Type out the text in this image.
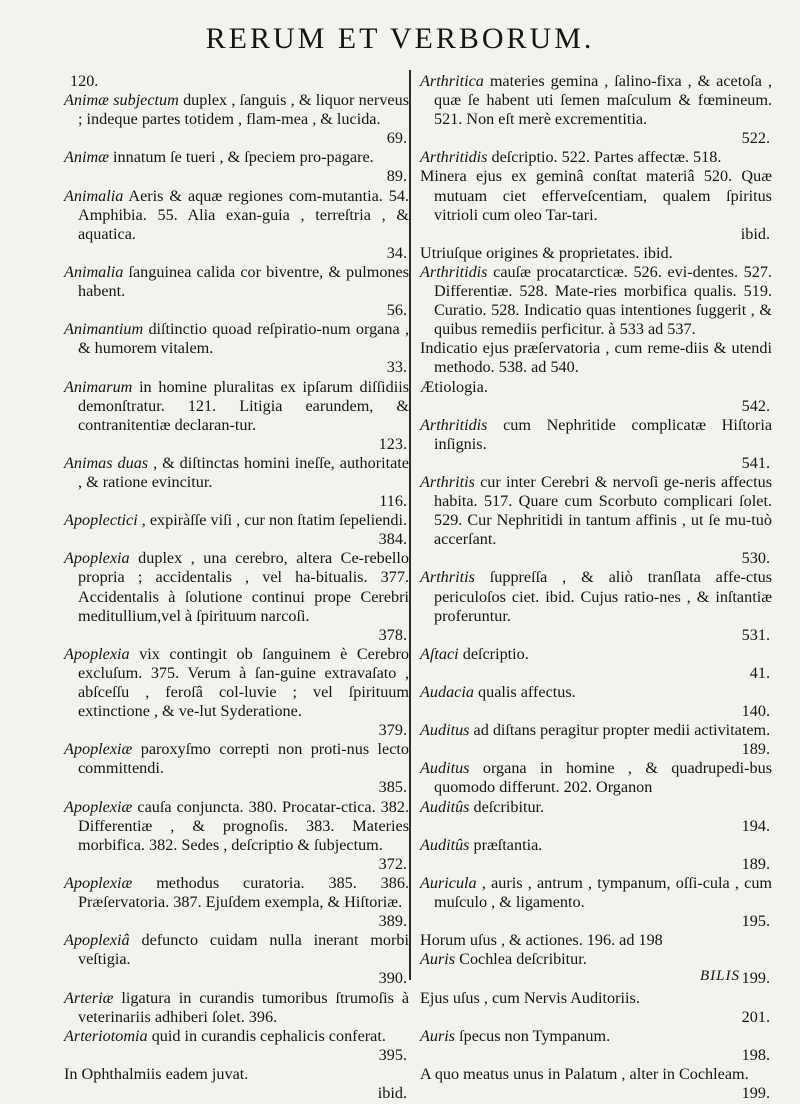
RERUM ET VERBORUM.
120.

Animæ subjectum duplex , ſanguis , & liquor nerveus ; indeque partes totidem , flam-mea , & lucida.
69.

Animæ innatum ſe tueri , & ſpeciem pro-pagare.
89.

Animalia Aeris & aquæ regiones com-mutantia. 54. Amphibia. 55. Alia exan-guia , terreſtria , & aquatica.
34.

Animalia ſanguinea calida cor biventre, & pulmones habent.
56.

Animantium diſtinctio quoad reſpiratio-num organa , & humorem vitalem.
33.

Animarum in homine pluralitas ex ipſarum diſſidiis demonſtratur. 121. Litigia earundem, & contranitentiæ declaran-tur.
123.

Animas duas , & diſtinctas homini ineſſe, authoritate , & ratione evincitur.
116.

Apoplectici , expiràſſe viſi , cur non ſtatim ſepeliendi.
384.

Apoplexia duplex , una cerebro, altera Ce-rebello propria ; accidentalis , vel ha-bitualis. 377. Accidentalis à ſolutione continui prope Cerebri meditullium,vel à ſpirituum narcoſi.
378.

Apoplexia vix contingit ob ſanguinem è Cerebro excluſum. 375. Verum à ſan-guine extravaſato , abſceſſu , feroſâ col-luvie ; vel ſpirituum extinctione , & ve-lut Syderatione.
379.

Apoplexiæ paroxyſmo correpti non proti-nus lecto committendi.
385.

Apoplexiæ cauſa conjuncta. 380. Procatar-ctica. 382. Differentiæ , & prognoſis. 383. Materies morbifica. 382. Sedes , deſcriptio & ſubjectum.
372.

Apoplexiæ methodus curatoria. 385. 386. Præſervatoria. 387. Ejuſdem exempla, & Hiſtoriæ.
389.

Apoplexiâ defuncto cuidam nulla inerant morbi veſtigia.
390.

Arteriæ ligatura in curandis tumoribus ſtrumoſis à veterinariis adhiberi ſolet. 396.

Arteriotomia quid in curandis cephalicis conferat.
395.

In Ophthalmiis eadem juvat.
ibid.

Arthritica materies gemina , ſalino-fixa , & acetoſa , quæ ſe habent uti ſemen maſculum & fœmineum. 521. Non eſt merè excrementitia.
522.

Arthritidis deſcriptio. 522. Partes affectæ. 518.

Minera ejus ex geminâ conſtat materiâ 520. Quæ mutuam ciet efferveſcentiam, qualem ſpiritus vitrioli cum oleo Tar-tari.
ibid.

Utriuſque origines & proprietates. ibid.

Arthritidis cauſæ procatarcticæ. 526. evi-dentes. 527. Differentiæ. 528. Mate-ries morbifica qualis. 519. Curatio. 528. Indicatio quas intentiones ſuggerit , & quibus remediis perficitur. à 533 ad 537.

Indicatio ejus præſervatoria , cum reme-diis & utendi methodo. 538. ad 540.

Ætiologia.
542.

Arthritidis cum Nephritide complicatæ Hiſtoria inſignis.
541.

Arthritis cur inter Cerebri & nervoſi ge-neris affectus habita. 517. Quare cum Scorbuto complicari ſolet. 529. Cur Nephritidi in tantum affinis , ut ſe mu-tuò accerſant.
530.

Arthritis ſuppreſſa , & aliò tranſlata affe-ctus periculoſos ciet. ibid. Cujus ratio-nes , & inſtantiæ proferuntur.
531.

Aſtaci deſcriptio.
41.

Audacia qualis affectus.
140.

Auditus ad diſtans peragitur propter medii activitatem.
189.

Auditus organa in homine , & quadrupedi-bus quomodo differunt. 202. Organon

Auditûs deſcribitur.
194.

Auditûs præſtantia.
189.

Auricula , auris , antrum , tympanum, oſſi-cula , cum muſculo , & ligamento.
195.

Horum uſus , & actiones. 196. ad 198

Auris Cochlea deſcribitur.
199.

Ejus uſus , cum Nervis Auditoriis.
201.

Auris ſpecus non Tympanum.
198.

A quo meatus unus in Palatum , alter in Cochleam.
199.

BILIS
